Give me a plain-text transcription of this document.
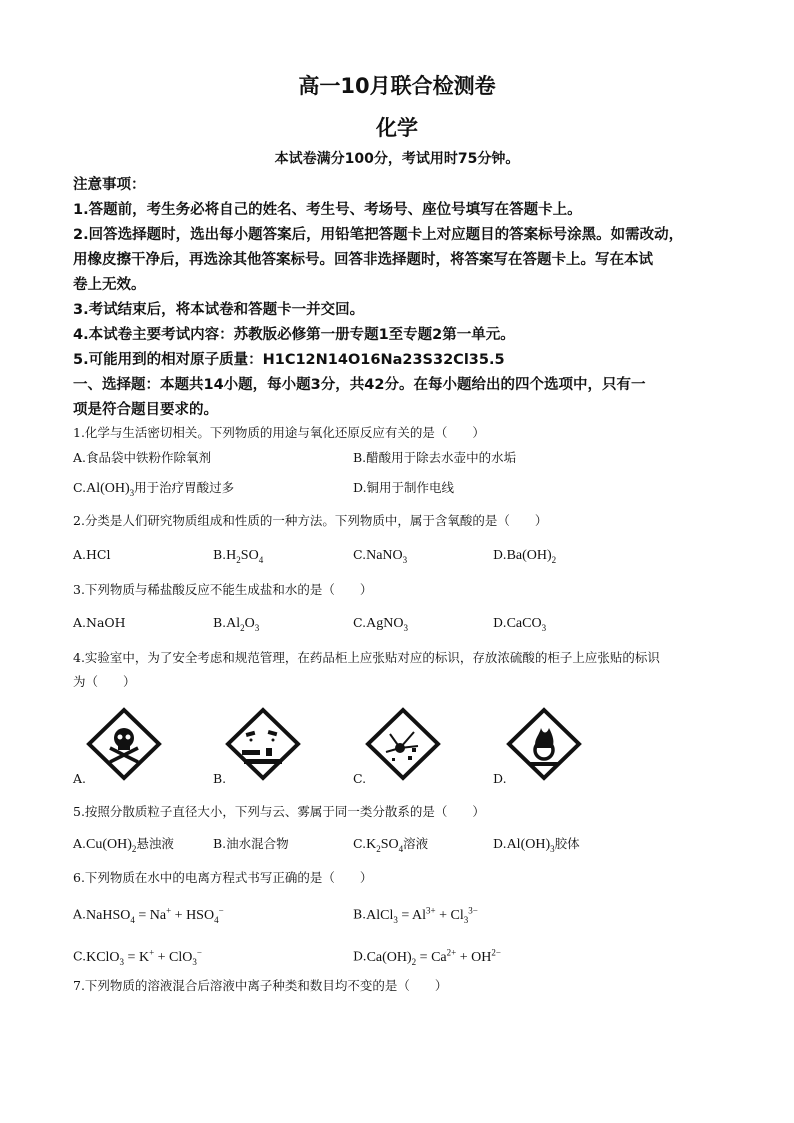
高一10月联合检测卷
化学
本试卷满分100分，考试用时75分钟。
注意事项：
1.答题前，考生务必将自己的姓名、考生号、考场号、座位号填写在答题卡上。
2.回答选择题时，选出每小题答案后，用铅笔把答题卡上对应题目的答案标号涂黑。如需改动，
用橡皮擦干净后，再选涂其他答案标号。回答非选择题时，将答案写在答题卡上。写在本试
卷上无效。
3.考试结束后，将本试卷和答题卡一并交回。
4.本试卷主要考试内容：苏教版必修第一册专题1至专题2第一单元。
5.可能用到的相对原子质量：H1C12N14O16Na23S32Cl35.5
一、选择题：本题共14小题，每小题3分，共42分。在每小题给出的四个选项中，只有一
项是符合题目要求的。
1.化学与生活密切相关。下列物质的用途与氧化还原反应有关的是（　　）
A.食品袋中铁粉作除氧剂	B.醋酸用于除去水壶中的水垢
$C.Al(OH)_3$用于治疗胃酸过多	D.铜用于制作电线
2.分类是人们研究物质组成和性质的一种方法。下列物质中，属于含氧酸的是（　　）
A.HCl	$B.H_2SO_4$	C.NaNO$_3$	$D.Ba(OH)_2$
3.下列物质与稀盐酸反应不能生成盐和水的是（　　）
A.NaOH	$B.Al_2O_3$	C.AgNO$_3$	D.CaCO$_3$
4.实验室中，为了安全考虑和规范管理，在药品柜上应张贴对应的标识，存放浓硫酸的柜子上应张贴的标识
为（　　）
A.	B.	C.	D.
5.按照分散质粒子直径大小，下列与云、雾属于同一类分散系的是（　　）
$A.Cu(OH)_2$悬浊液	B.油水混合物	$C.K_2SO_4$溶液	$D.Al(OH)_3$胶体
6.下列物质在水中的电离方程式书写正确的是（　　）
A.NaHSO$_4$ = $Na^+ + HSO_4^-$	B.AlCl$_3$ = $Al^{3+} + Cl_3^{3-}$
C.KClO$_3$ = K+ + ClO$_3$−	$D.Ca(OH)_2 = Ca^{2+} + OH^{2-}$
7.下列物质的溶液混合后溶液中离子种类和数目均不变的是（　　）
